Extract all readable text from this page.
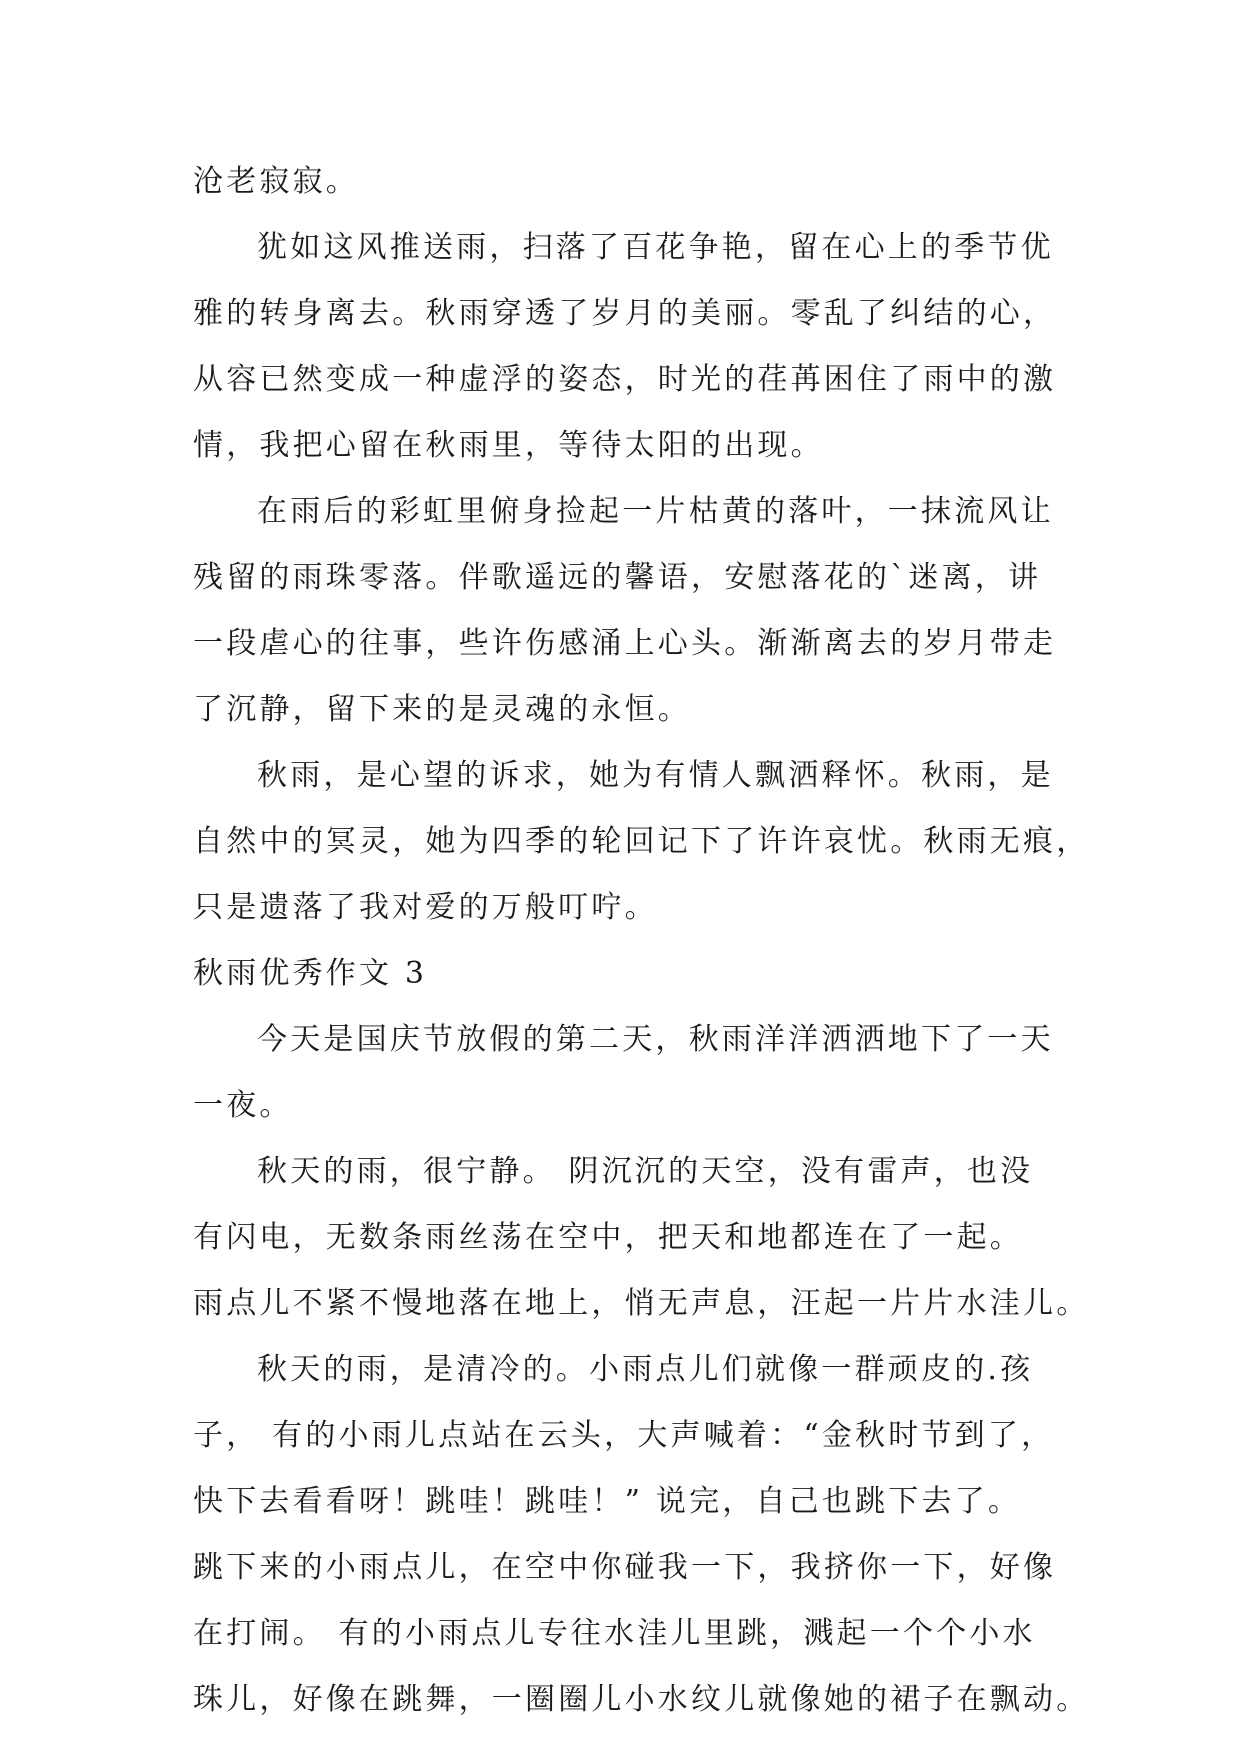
沧老寂寂。
犹如这风推送雨，扫落了百花争艳，留在心上的季节优
雅的转身离去。秋雨穿透了岁月的美丽。零乱了纠结的心，
从容已然变成一种虚浮的姿态，时光的荏苒困住了雨中的激
情，我把心留在秋雨里，等待太阳的出现。
在雨后的彩虹里俯身捡起一片枯黄的落叶，一抹流风让
残留的雨珠零落。伴歌遥远的馨语，安慰落花的`迷离，讲
一段虐心的往事，些许伤感涌上心头。渐渐离去的岁月带走
了沉静，留下来的是灵魂的永恒。
秋雨，是心望的诉求，她为有情人飘洒释怀。秋雨，是
自然中的冥灵，她为四季的轮回记下了许许哀忧。秋雨无痕，
只是遗落了我对爱的万般叮咛。
秋雨优秀作文 3
今天是国庆节放假的第二天，秋雨洋洋洒洒地下了一天
一夜。
秋天的雨，很宁静。 阴沉沉的天空，没有雷声，也没
有闪电，无数条雨丝荡在空中，把天和地都连在了一起。
雨点儿不紧不慢地落在地上，悄无声息，汪起一片片水洼儿。
秋天的雨，是清冷的。小雨点儿们就像一群顽皮的.孩
子， 有的小雨儿点站在云头，大声喊着：“金秋时节到了，
快下去看看呀！跳哇！跳哇！” 说完，自己也跳下去了。
跳下来的小雨点儿，在空中你碰我一下，我挤你一下，好像
在打闹。 有的小雨点儿专往水洼儿里跳，溅起一个个小水
珠儿，好像在跳舞，一圈圈儿小水纹儿就像她的裙子在飘动。
